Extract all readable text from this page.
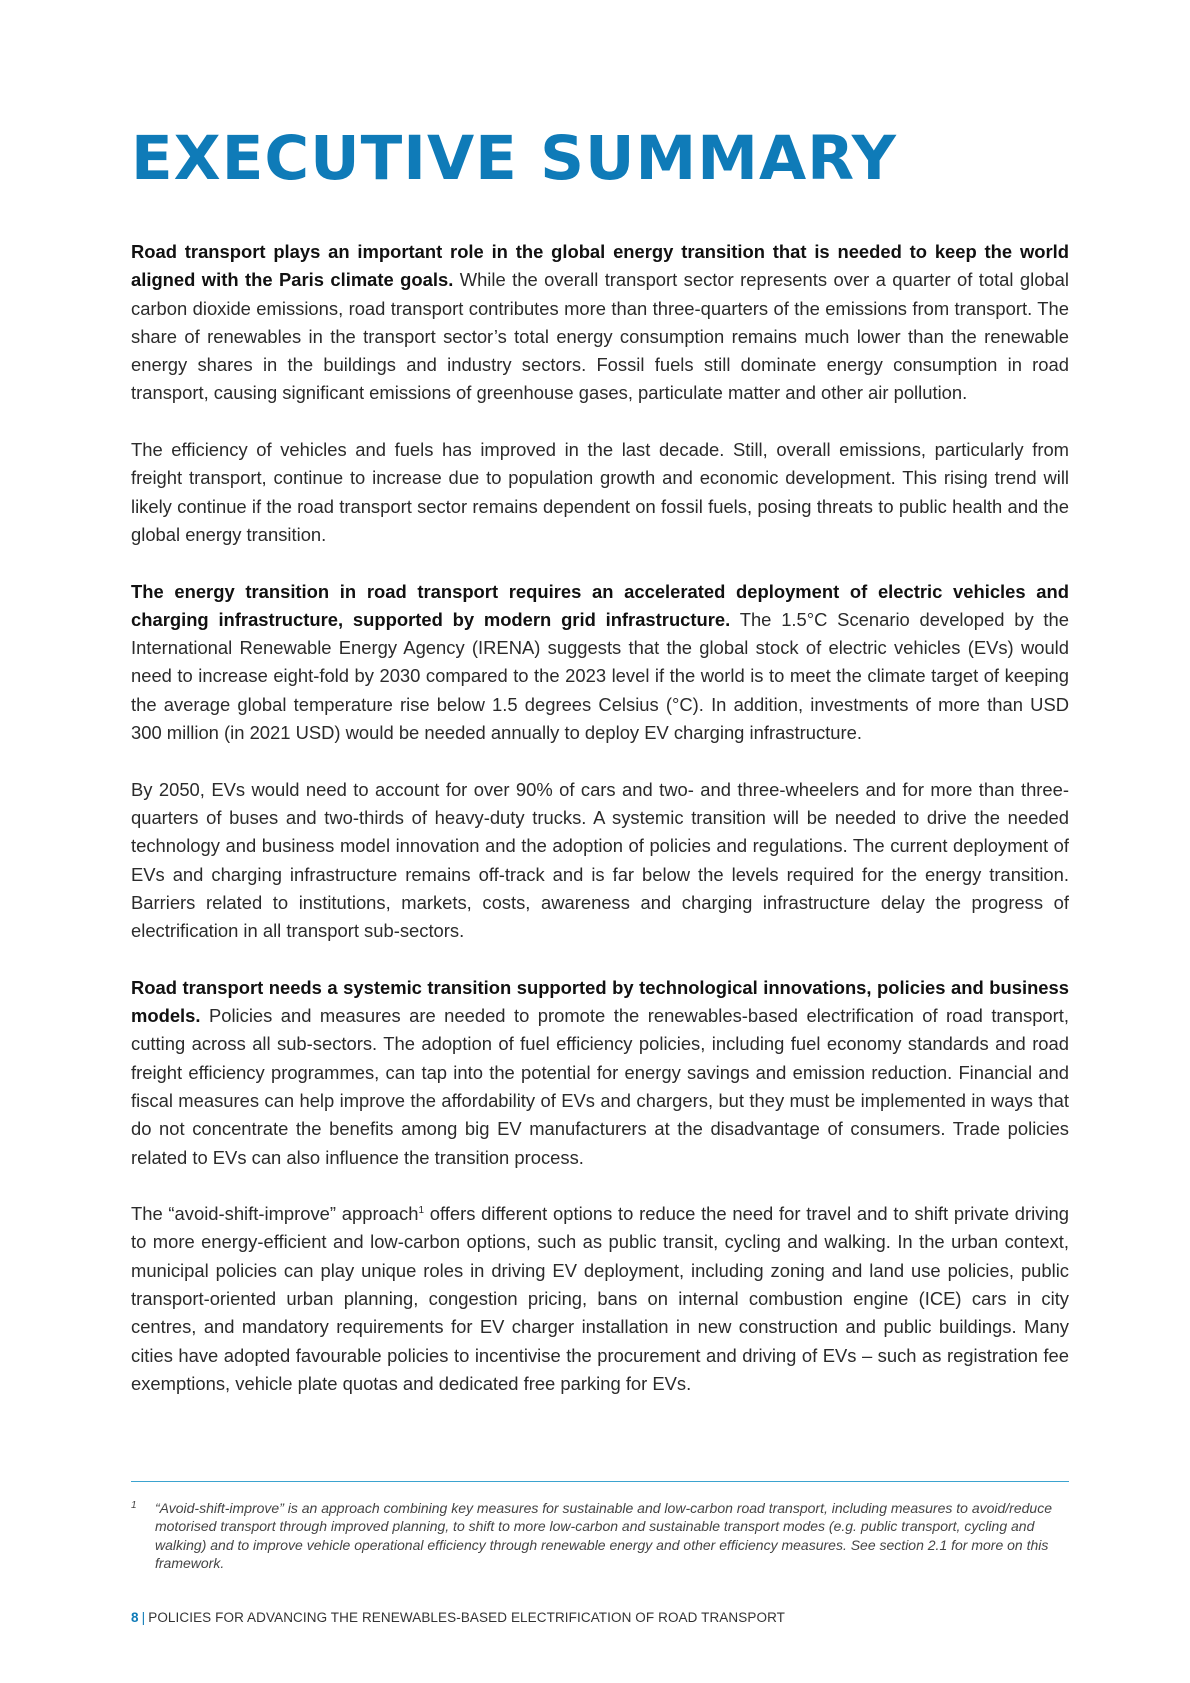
EXECUTIVE SUMMARY

Road transport plays an important role in the global energy transition that is needed to keep the world aligned with the Paris climate goals. While the overall transport sector represents over a quarter of total global carbon dioxide emissions, road transport contributes more than three-quarters of the emissions from transport. The share of renewables in the transport sector’s total energy consumption remains much lower than the renewable energy shares in the buildings and industry sectors. Fossil fuels still dominate energy consumption in road transport, causing significant emissions of greenhouse gases, particulate matter and other air pollution.

The efficiency of vehicles and fuels has improved in the last decade. Still, overall emissions, particularly from freight transport, continue to increase due to population growth and economic development. This rising trend will likely continue if the road transport sector remains dependent on fossil fuels, posing threats to public health and the global energy transition.

The energy transition in road transport requires an accelerated deployment of electric vehicles and charging infrastructure, supported by modern grid infrastructure. The 1.5°C Scenario developed by the International Renewable Energy Agency (IRENA) suggests that the global stock of electric vehicles (EVs) would need to increase eight-fold by 2030 compared to the 2023 level if the world is to meet the climate target of keeping the average global temperature rise below 1.5 degrees Celsius (°C). In addition, investments of more than USD 300 million (in 2021 USD) would be needed annually to deploy EV charging infrastructure.

By 2050, EVs would need to account for over 90% of cars and two- and three-wheelers and for more than three-quarters of buses and two-thirds of heavy-duty trucks. A systemic transition will be needed to drive the needed technology and business model innovation and the adoption of policies and regulations. The current deployment of EVs and charging infrastructure remains off-track and is far below the levels required for the energy transition. Barriers related to institutions, markets, costs, awareness and charging infrastructure delay the progress of electrification in all transport sub-sectors.

Road transport needs a systemic transition supported by technological innovations, policies and business models. Policies and measures are needed to promote the renewables-based electrification of road transport, cutting across all sub-sectors. The adoption of fuel efficiency policies, including fuel economy standards and road freight efficiency programmes, can tap into the potential for energy savings and emission reduction. Financial and fiscal measures can help improve the affordability of EVs and chargers, but they must be implemented in ways that do not concentrate the benefits among big EV manufacturers at the disadvantage of consumers. Trade policies related to EVs can also influence the transition process.

The “avoid-shift-improve” approach$^1$ offers different options to reduce the need for travel and to shift private driving to more energy-efficient and low-carbon options, such as public transit, cycling and walking. In the urban context, municipal policies can play unique roles in driving EV deployment, including zoning and land use policies, public transport-oriented urban planning, congestion pricing, bans on internal combustion engine (ICE) cars in city centres, and mandatory requirements for EV charger installation in new construction and public buildings. Many cities have adopted favourable policies to incentivise the procurement and driving of EVs – such as registration fee exemptions, vehicle plate quotas and dedicated free parking for EVs.

1	“Avoid-shift-improve” is an approach combining key measures for sustainable and low-carbon road transport, including measures to avoid/reduce motorised transport through improved planning, to shift to more low-carbon and sustainable transport modes (e.g. public transport, cycling and walking) and to improve vehicle operational efficiency through renewable energy and other efficiency measures. See section 2.1 for more on this framework.
8 | POLICIES FOR ADVANCING THE RENEWABLES-BASED ELECTRIFICATION OF ROAD TRANSPORT
